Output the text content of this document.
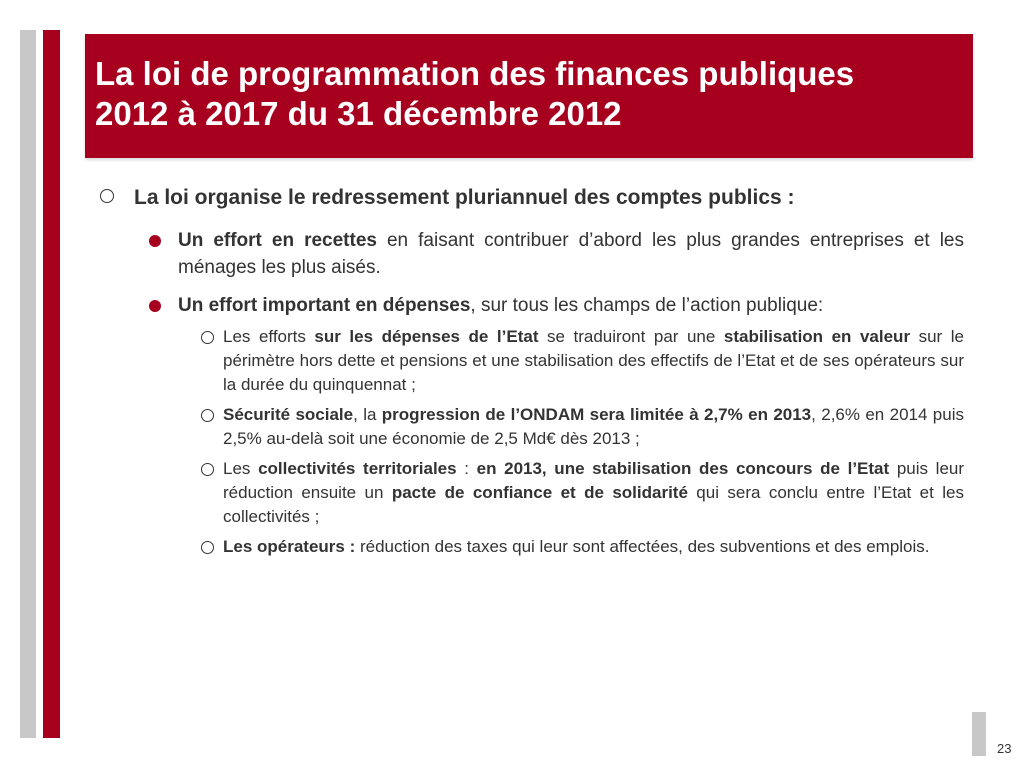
La loi de programmation des finances publiques
2012 à 2017 du 31 décembre 2012
La loi organise le redressement pluriannuel des comptes publics :
Un effort en recettes en faisant contribuer d’abord les plus grandes entreprises et les ménages les plus aisés.
Un effort important en dépenses, sur tous les champs de l’action publique:
Les efforts sur les dépenses de l’Etat se traduiront par une stabilisation en valeur sur le périmètre hors dette et pensions et une stabilisation des effectifs de l’Etat et de ses opérateurs sur la durée du quinquennat ;
Sécurité sociale, la progression de l’ONDAM sera limitée à 2,7% en 2013, 2,6% en 2014 puis 2,5% au-delà soit une économie de 2,5 Md€ dès 2013 ;
Les collectivités territoriales : en 2013, une stabilisation des concours de l’Etat puis leur réduction ensuite un pacte de confiance et de solidarité qui sera conclu entre l’Etat et les collectivités ;
Les opérateurs : réduction des taxes qui leur sont affectées, des subventions et des emplois.
23
